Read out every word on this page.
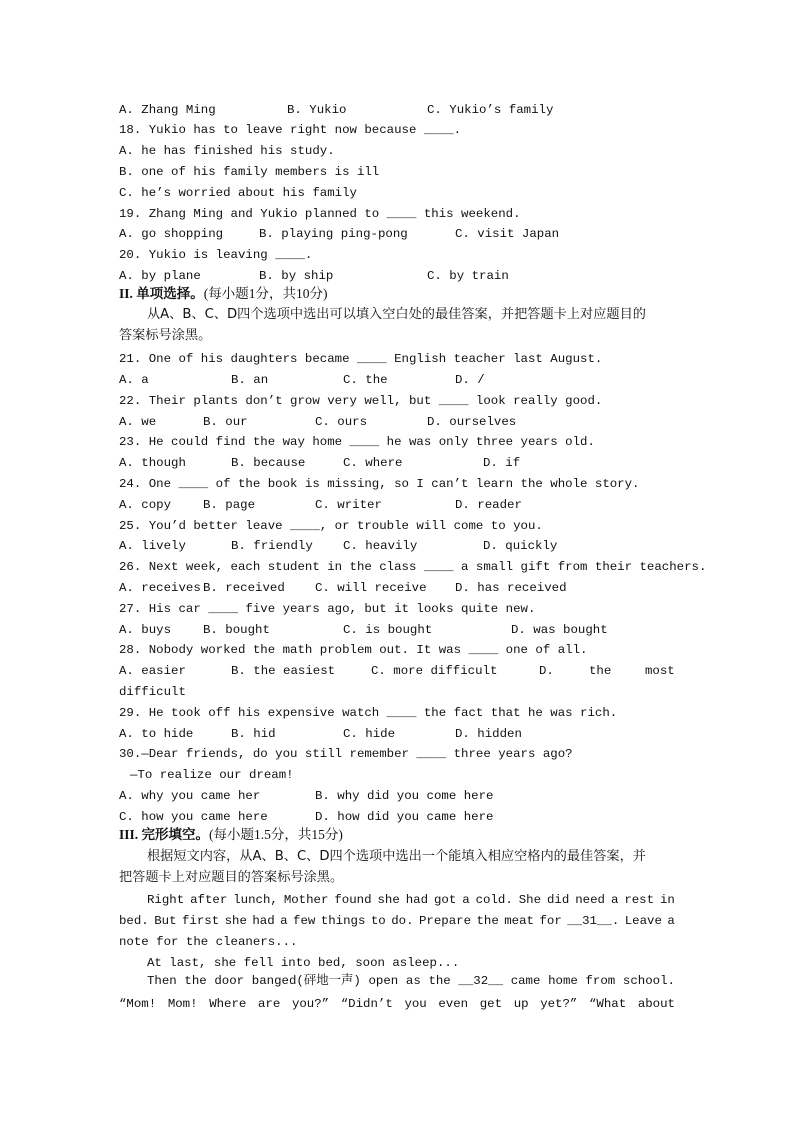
A. Zhang Ming

	B. Yukio

	C. Yukio’s family

18. Yukio has to leave right now because ____.
A. he has finished his study.
B. one of his family members is ill
C. he’s worried about his family
19. Zhang Ming and Yukio planned to ____ this weekend.

A. go shopping

	B. playing ping-pong

	C. visit Japan

20. Yukio is leaving ____.

A. by plane

	B. by ship

	C. by train

II. 单项选择。(每小题1分，共10分)
从A、B、C、D四个选项中选出可以填入空白处的最佳答案，并把答题卡上对应题目的
答案标号涂黑。
21. One of his daughters became ____ English teacher last August.

A. a

	B. an

	C. the

	D. /

22. Their plants don’t grow very well, but ____ look really good.

A. we

	B. our

	C. ours

	D. ourselves

23. He could find the way home ____ he was only three years old.

A. though

	B. because

	C. where

	D. if

24. One ____ of the book is missing, so I can’t learn the whole story.

A. copy

	B. page

	C. writer

	D. reader

25. You’d better leave ____, or trouble will come to you.

A. lively

	B. friendly

C. heavily

	D. quickly

26. Next week, each student in the class ____ a small gift from their teachers.

A. receives

B. received

C. will receive

D. has received

27. His car ____ five years ago, but it looks quite new.

A. buys

	B. bought

	C. is bought

	D. was bought

28. Nobody worked the math problem out. It was ____ one of all.

A. easier

	B. the easiest

	C. more difficult

	D.

	the

	most

difficult
29. He took off his expensive watch ____ the fact that he was rich.

A. to hide

	B. hid

	C. hide

	D. hidden

30.—Dear friends, do you still remember ____ three years ago?
—To realize our dream!

A. why you came her

	B. why did you come here

C. how you came here

	D. how did you came here

III. 完形填空。(每小题1.5分，共15分)
根据短文内容，从A、B、C、D四个选项中选出一个能填入相应空格内的最佳答案，并
把答题卡上对应题目的答案标号涂黑。
Right after lunch, Mother found she had got a cold. She did need a rest in
bed. But first she had a few things to do. Prepare the meat for __31__. Leave a
note for the cleaners...
At last, she fell into bed, soon asleep...
Then the door banged(砰地一声) open as the __32__ came home from school.
“Mom! Mom! Where are you?” “Didn’t you even get up yet?” “What about
